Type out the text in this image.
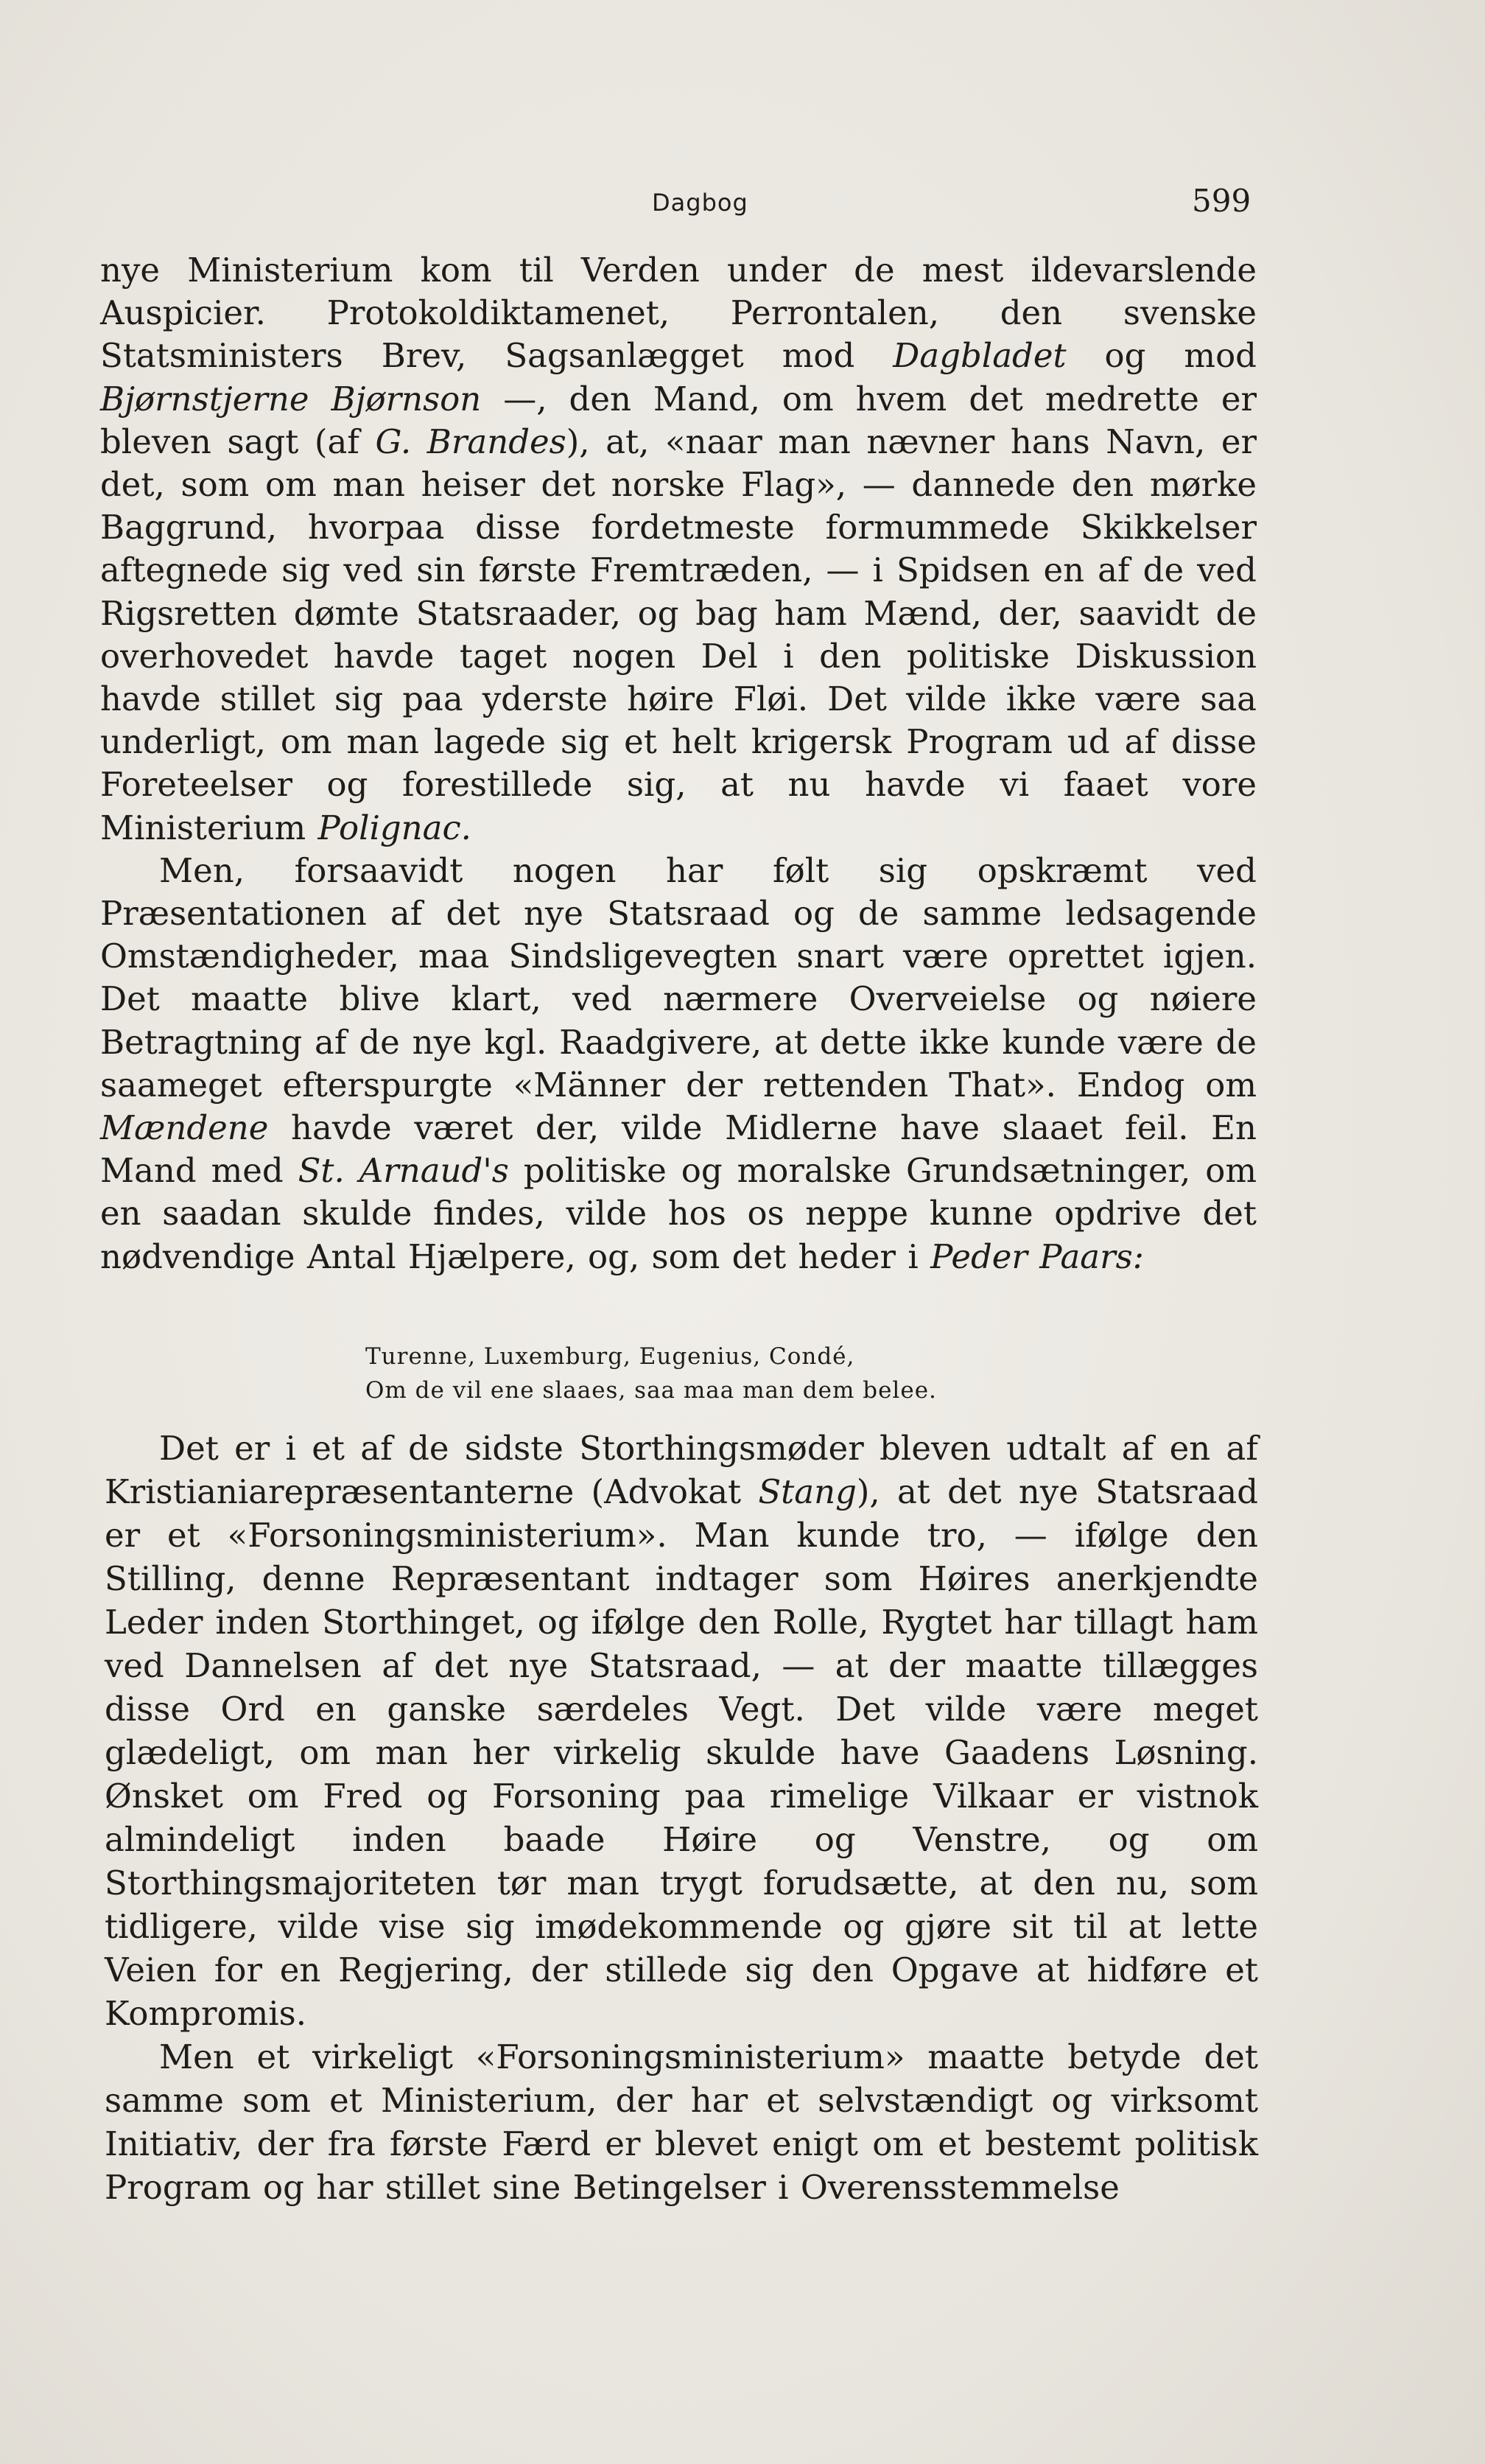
Dagbog	599

nye Ministerium kom til Verden under de mest ildevarslende Auspicier. Protokoldiktamenet, Perrontalen, den svenske Statsministers Brev, Sagsanlægget mod Dagbladet og mod Bjørnstjerne Bjørnson —, den Mand, om hvem det medrette er bleven sagt (af G. Brandes), at, «naar man nævner hans Navn, er det, som om man heiser det norske Flag», — dannede den mørke Baggrund, hvorpaa disse fordetmeste formummede Skikkelser aftegnede sig ved sin første Fremtræden, — i Spidsen en af de ved Rigsretten dømte Statsraader, og bag ham Mænd, der, saavidt de overhovedet havde taget nogen Del i den politiske Diskussion havde stillet sig paa yderste høire Fløi. Det vilde ikke være saa underligt, om man lagede sig et helt krigersk Program ud af disse Foreteelser og forestillede sig, at nu havde vi faaet vore Ministerium Polignac.

Men, forsaavidt nogen har følt sig opskræmt ved Præsentationen af det nye Statsraad og de samme ledsagende Omstændigheder, maa Sindsligevegten snart være oprettet igjen. Det maatte blive klart, ved nærmere Overveielse og nøiere Betragtning af de nye kgl. Raadgivere, at dette ikke kunde være de saameget efterspurgte «Männer der rettenden That». Endog om Mændene havde været der, vilde Midlerne have slaaet feil. En Mand med St. Arnaud's politiske og moralske Grundsætninger, om en saadan skulde findes, vilde hos os neppe kunne opdrive det nødvendige Antal Hjælpere, og, som det heder i Peder Paars:

Turenne, Luxemburg, Eugenius, Condé,
Om de vil ene slaaes, saa maa man dem belee.

Det er i et af de sidste Storthingsmøder bleven udtalt af en af Kristianiarepræsentanterne (Advokat Stang), at det nye Statsraad er et «Forsoningsministerium». Man kunde tro, — ifølge den Stilling, denne Repræsentant indtager som Høires anerkjendte Leder inden Storthinget, og ifølge den Rolle, Rygtet har tillagt ham ved Dannelsen af det nye Statsraad, — at der maatte tillægges disse Ord en ganske særdeles Vegt. Det vilde være meget glædeligt, om man her virkelig skulde have Gaadens Løsning. Ønsket om Fred og Forsoning paa rimelige Vilkaar er vistnok almindeligt inden baade Høire og Venstre, og om Storthingsmajoriteten tør man trygt forudsætte, at den nu, som tidligere, vilde vise sig imødekommende og gjøre sit til at lette Veien for en Regjering, der stillede sig den Opgave at hidføre et Kompromis.

Men et virkeligt «Forsoningsministerium» maatte betyde det samme som et Ministerium, der har et selvstændigt og virksomt Initiativ, der fra første Færd er blevet enigt om et bestemt politisk Program og har stillet sine Betingelser i Overensstemmelse
